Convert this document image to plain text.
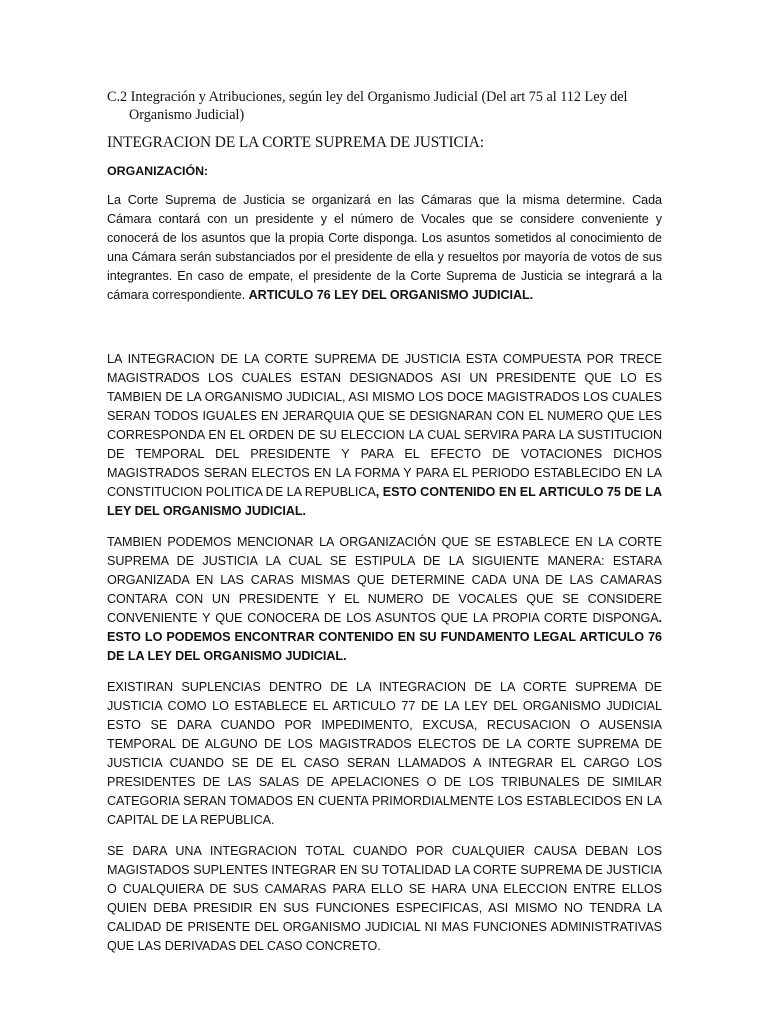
C.2 Integración y Atribuciones, según ley del Organismo Judicial (Del art 75 al 112 Ley del Organismo Judicial)

INTEGRACION DE LA CORTE SUPREMA DE JUSTICIA:

ORGANIZACIÓN:

La Corte Suprema de Justicia se organizará en las Cámaras que la misma determine. Cada Cámara contará con un presidente y el número de Vocales que se considere conveniente y conocerá de los asuntos que la propia Corte disponga. Los asuntos sometidos al conocimiento de una Cámara serán substanciados por el presidente de ella y resueltos por mayoría de votos de sus integrantes. En caso de empate, el presidente de la Corte Suprema de Justicia se integrará a la cámara correspondiente. ARTICULO 76 LEY DEL ORGANISMO JUDICIAL.

LA INTEGRACION DE LA CORTE SUPREMA DE JUSTICIA ESTA COMPUESTA POR TRECE MAGISTRADOS LOS CUALES ESTAN DESIGNADOS ASI UN PRESIDENTE QUE LO ES TAMBIEN DE LA ORGANISMO JUDICIAL, ASI MISMO LOS DOCE MAGISTRADOS LOS CUALES SERAN TODOS IGUALES EN JERARQUIA QUE SE DESIGNARAN CON EL NUMERO QUE LES CORRESPONDA EN EL ORDEN DE SU ELECCION LA CUAL SERVIRA PARA LA SUSTITUCION DE TEMPORAL DEL PRESIDENTE Y PARA EL EFECTO DE VOTACIONES DICHOS MAGISTRADOS SERAN ELECTOS EN LA FORMA Y PARA EL PERIODO ESTABLECIDO EN LA CONSTITUCION POLITICA DE LA REPUBLICA, ESTO CONTENIDO EN EL ARTICULO 75 DE LA LEY DEL ORGANISMO JUDICIAL.

TAMBIEN PODEMOS MENCIONAR LA ORGANIZACIÓN QUE SE ESTABLECE EN LA CORTE SUPREMA DE JUSTICIA LA CUAL SE ESTIPULA DE LA SIGUIENTE MANERA: ESTARA ORGANIZADA EN LAS CARAS MISMAS QUE DETERMINE CADA UNA DE LAS CAMARAS CONTARA CON UN PRESIDENTE Y EL NUMERO DE VOCALES QUE SE CONSIDERE CONVENIENTE Y QUE CONOCERA DE LOS ASUNTOS QUE LA PROPIA CORTE DISPONGA. ESTO LO PODEMOS ENCONTRAR CONTENIDO EN SU FUNDAMENTO LEGAL ARTICULO 76 DE LA LEY DEL ORGANISMO JUDICIAL.

EXISTIRAN SUPLENCIAS DENTRO DE LA INTEGRACION DE LA CORTE SUPREMA DE JUSTICIA COMO LO ESTABLECE EL ARTICULO 77 DE LA LEY DEL ORGANISMO JUDICIAL ESTO SE DARA CUANDO POR IMPEDIMENTO, EXCUSA, RECUSACION O AUSENSIA TEMPORAL DE ALGUNO DE LOS MAGISTRADOS ELECTOS DE LA CORTE SUPREMA DE JUSTICIA CUANDO SE DE EL CASO SERAN LLAMADOS A INTEGRAR EL CARGO LOS PRESIDENTES DE LAS SALAS DE APELACIONES O DE LOS TRIBUNALES DE SIMILAR CATEGORIA SERAN TOMADOS EN CUENTA PRIMORDIALMENTE LOS ESTABLECIDOS EN LA CAPITAL DE LA REPUBLICA.

SE DARA UNA INTEGRACION TOTAL CUANDO POR CUALQUIER CAUSA DEBAN LOS MAGISTADOS SUPLENTES INTEGRAR EN SU TOTALIDAD LA CORTE SUPREMA DE JUSTICIA O CUALQUIERA DE SUS CAMARAS PARA ELLO SE HARA UNA ELECCION ENTRE ELLOS QUIEN DEBA PRESIDIR EN SUS FUNCIONES ESPECIFICAS, ASI MISMO NO TENDRA LA CALIDAD DE PRISENTE DEL ORGANISMO JUDICIAL NI MAS FUNCIONES ADMINISTRATIVAS QUE LAS DERIVADAS DEL CASO CONCRETO.
